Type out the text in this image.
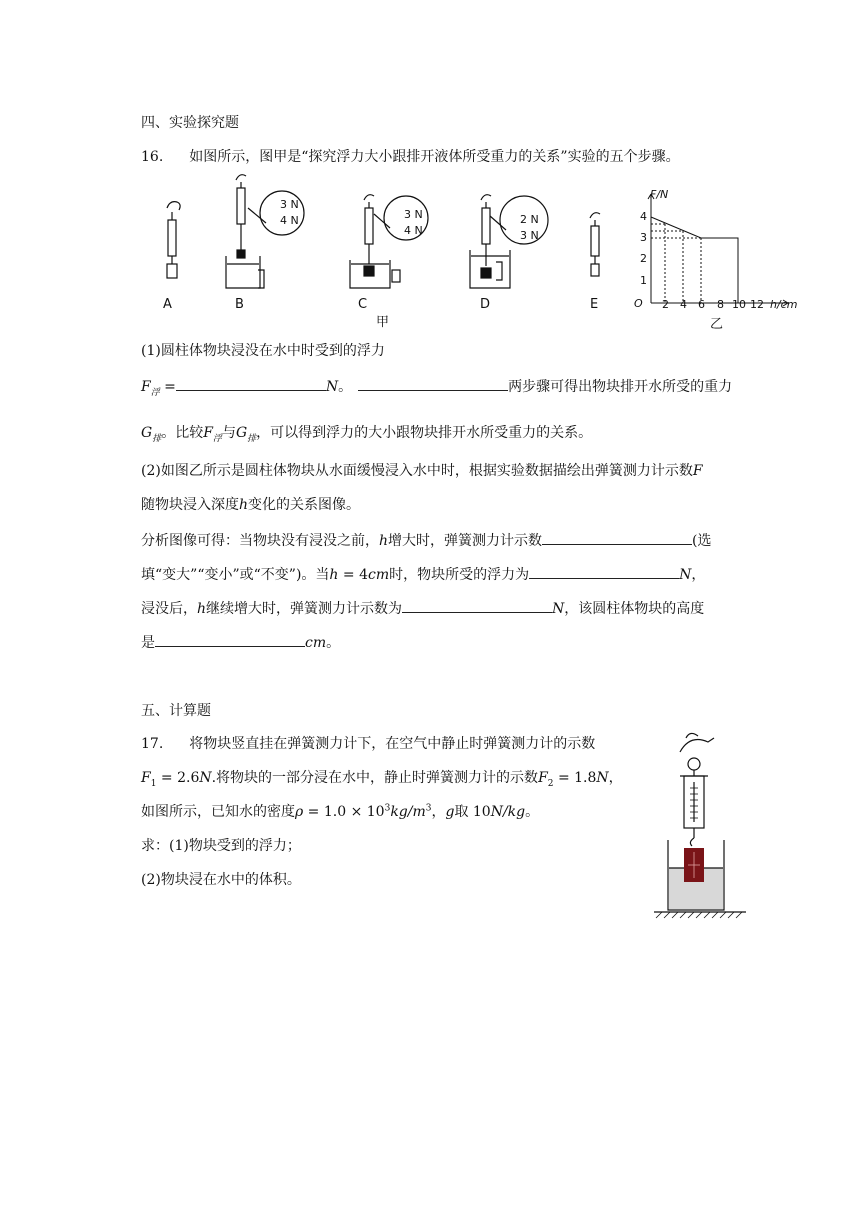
四、实验探究题
16. 如图所示，图甲是“探究浮力大小跟排开液体所受重力的关系”实验的五个步骤。
3 N
4 N	3 N
4 N
2 N
3 N
A	B	C	D	E
甲
F/N
h/cm
O
4
3
2
1
2 4 6 8 10 12
乙
(1)圆柱体物块浸没在水中时受到的浮力
$F_浮$ =	N。	两步骤可得出物块排开水所受的重力
$G_排$。比较$F_浮$与$G_排$，可以得到浮力的大小跟物块排开水所受重力的关系。
(2)如图乙所示是圆柱体物块从水面缓慢浸入水中时，根据实验数据描绘出弹簧测力计示数F
随物块浸入深度h变化的关系图像。
分析图像可得：当物块没有浸没之前，h增大时，弹簧测力计示数	(选
填“变大”“变小”或“不变”)。当h = 4cm时，物块所受的浮力为	N，
浸没后，h继续增大时，弹簧测力计示数为	N，该圆柱体物块的高度
是	cm。
五、计算题
17. 将物块竖直挂在弹簧测力计下，在空气中静止时弹簧测力计的示数
$F_1 = 2.6N$.将物块的一部分浸在水中，静止时弹簧测力计的示数$F_2 = 1.8N$，
如图所示，已知水的密度$\rho = 1.0 \times 10^3kg/m^3$，g取 10N/kg。
求：(1)物块受到的浮力；
(2)物块浸在水中的体积。
